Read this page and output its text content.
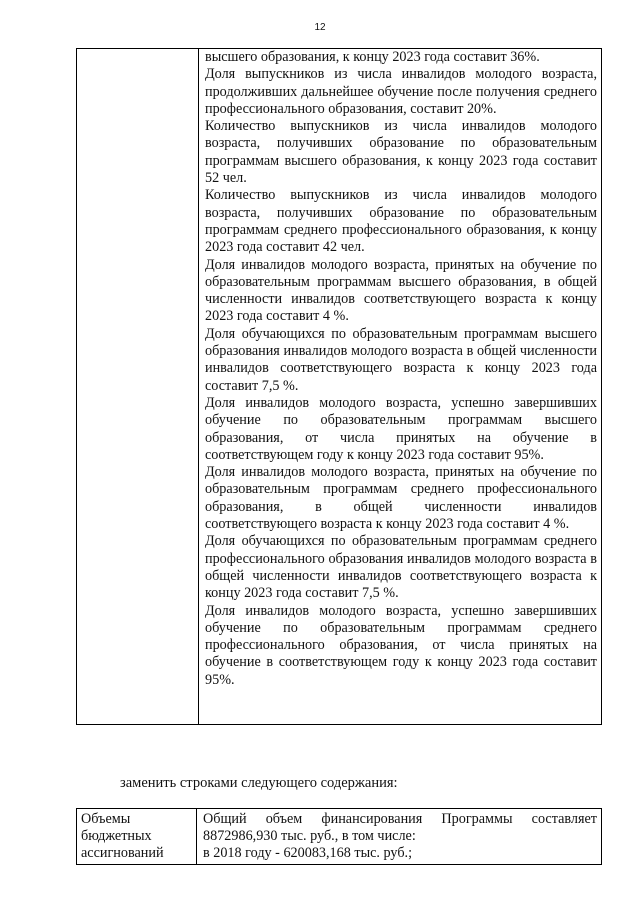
12

высшего образования, к концу 2023 года составит 36%.

Доля выпускников из числа инвалидов молодого возраста, продолживших дальнейшее обучение после получения среднего профессионального образования, составит 20%.

Количество выпускников из числа инвалидов молодого возраста, получивших образование по образовательным программам высшего образования, к концу 2023 года составит 52 чел.

Количество выпускников из числа инвалидов молодого возраста, получивших образование по образовательным программам среднего профессионального образования, к концу 2023 года составит 42 чел.

Доля инвалидов молодого возраста, принятых на обучение по образовательным программам высшего образования, в общей численности инвалидов соответствующего возраста к концу 2023 года составит 4 %.

Доля обучающихся по образовательным программам высшего образования инвалидов молодого возраста в общей численности инвалидов соответствующего возраста к концу 2023 года составит 7,5 %.

Доля инвалидов молодого возраста, успешно завершивших обучение по образовательным программам высшего образования, от числа принятых на обучение в соответствующем году к концу 2023 года составит 95%.

Доля инвалидов молодого возраста, принятых на обучение по образовательным программам среднего профессионального образования, в общей численности инвалидов соответствующего возраста к концу 2023 года составит 4 %.

Доля обучающихся по образовательным программам среднего профессионального образования инвалидов молодого возраста в общей численности инвалидов соответствующего возраста к концу 2023 года составит 7,5 %.

Доля инвалидов молодого возраста, успешно завершивших обучение по образовательным программам среднего профессионального образования, от числа принятых на обучение в соответствующем году к концу 2023 года составит 95%.

заменить строками следующего содержания:
Объемы
бюджетных
ассигнований

Общий объем финансирования Программы составляет 8872986,930 тыс. руб., в том числе:
в 2018 году - 620083,168 тыс. руб.;
